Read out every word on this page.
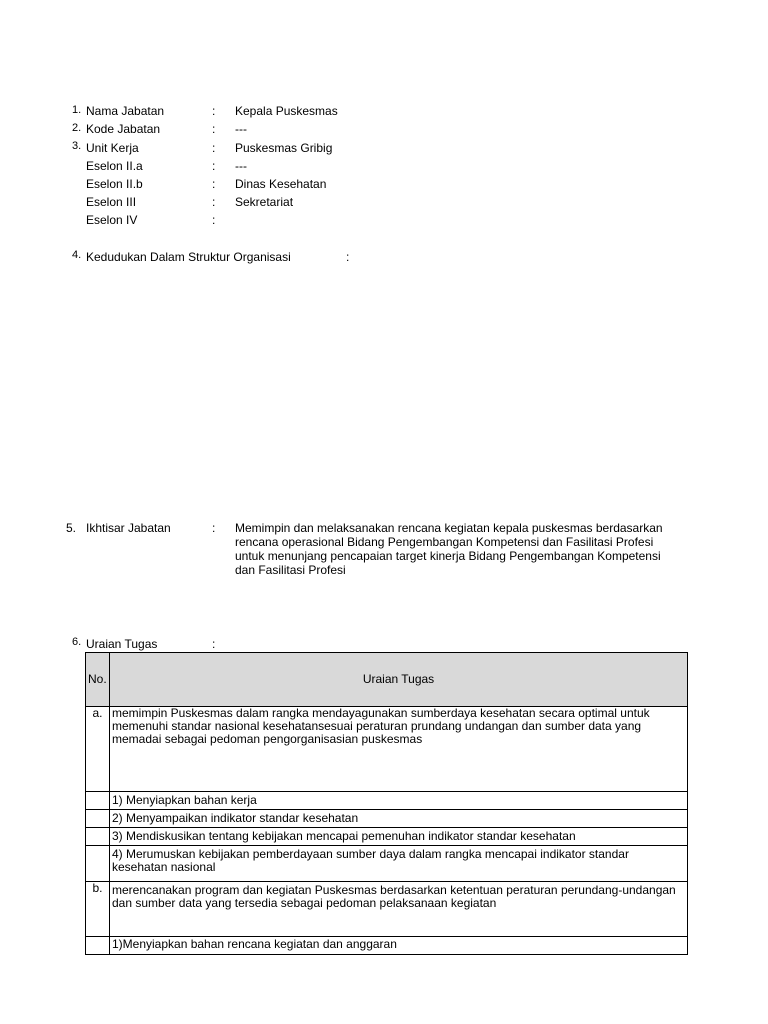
1. Nama Jabatan	: Kepala Puskesmas
2. Kode Jabatan	: ---
3. Unit Kerja	: Puskesmas Gribig
Eselon II.a	: ---
Eselon II.b	: Dinas Kesehatan
Eselon III	: Sekretariat
Eselon IV	:
4. Kedudukan Dalam Struktur Organisasi	:
5. Ikhtisar Jabatan	: Memimpin dan melaksanakan rencana kegiatan kepala puskesmas berdasarkan rencana operasional Bidang Pengembangan Kompetensi dan Fasilitasi Profesi untuk menunjang pencapaian target kinerja Bidang Pengembangan Kompetensi dan Fasilitasi Profesi
6. Uraian Tugas	:
No.	Uraian Tugas
a.	memimpin Puskesmas dalam rangka mendayagunakan sumberdaya kesehatan secara optimal untuk memenuhi standar nasional kesehatansesuai peraturan prundang undangan dan sumber data yang memadai sebagai pedoman pengorganisasian puskesmas
	1) Menyiapkan bahan kerja
	2) Menyampaikan indikator standar kesehatan
	3) Mendiskusikan tentang kebijakan mencapai pemenuhan indikator standar kesehatan
	4) Merumuskan kebijakan pemberdayaan sumber daya dalam rangka mencapai indikator standar kesehatan nasional
b.	merencanakan program dan kegiatan Puskesmas berdasarkan ketentuan peraturan perundang-undangan dan sumber data yang tersedia sebagai pedoman pelaksanaan kegiatan
	1)Menyiapkan bahan rencana kegiatan dan anggaran
